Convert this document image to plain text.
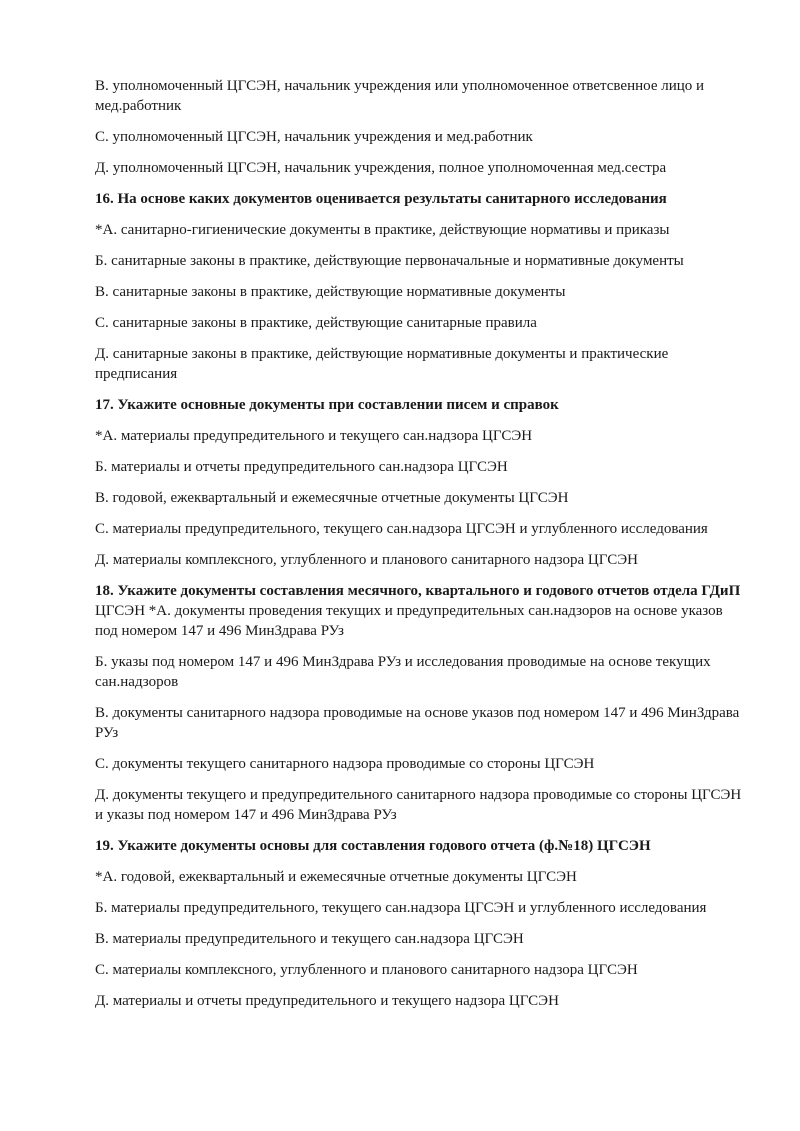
В. уполномоченный ЦГСЭН, начальник учреждения или уполномоченное ответсвенное лицо и мед.работник

С. уполномоченный ЦГСЭН, начальник учреждения и мед.работник

Д. уполномоченный ЦГСЭН, начальник учреждения, полное уполномоченная мед.сестра

16. На основе каких документов оценивается результаты санитарного исследования

*А. санитарно-гигиенические документы в практике, действующие нормативы и приказы

Б. санитарные законы в практике, действующие первоначальные и нормативные документы

В. санитарные законы в практике, действующие нормативные документы

С. санитарные законы в практике, действующие санитарные правила

Д. санитарные законы в практике, действующие нормативные документы и практические предписания

17. Укажите основные документы при составлении писем и справок

*А. материалы предупредительного и текущего сан.надзора ЦГСЭН

Б. материалы и отчеты предупредительного сан.надзора ЦГСЭН

В. годовой, ежеквартальный и ежемесячные отчетные документы ЦГСЭН

С. материалы предупредительного, текущего сан.надзора ЦГСЭН и углубленного исследования

Д. материалы комплексного, углубленного и планового санитарного надзора ЦГСЭН

18. Укажите документы составления месячного, квартального и годового отчетов отдела ГДиП ЦГСЭН *А. документы проведения текущих и предупредительных сан.надзоров на основе указов под номером 147 и 496 МинЗдрава РУз

Б. указы под номером 147 и 496 МинЗдрава РУз и исследования проводимые на основе текущих сан.надзоров

В. документы санитарного надзора проводимые на основе указов под номером 147 и 496 МинЗдрава РУз

С. документы текущего санитарного надзора проводимые со стороны ЦГСЭН

Д. документы текущего и предупредительного санитарного надзора проводимые со стороны ЦГСЭН и указы под номером 147 и 496 МинЗдрава РУз

19. Укажите документы основы для составления годового отчета (ф.№18) ЦГСЭН

*А. годовой, ежеквартальный и ежемесячные отчетные документы ЦГСЭН

Б. материалы предупредительного, текущего сан.надзора ЦГСЭН и углубленного исследования

В. материалы предупредительного и текущего сан.надзора ЦГСЭН

С. материалы комплексного, углубленного и планового санитарного надзора ЦГСЭН

Д. материалы и отчеты предупредительного и текущего надзора ЦГСЭН
